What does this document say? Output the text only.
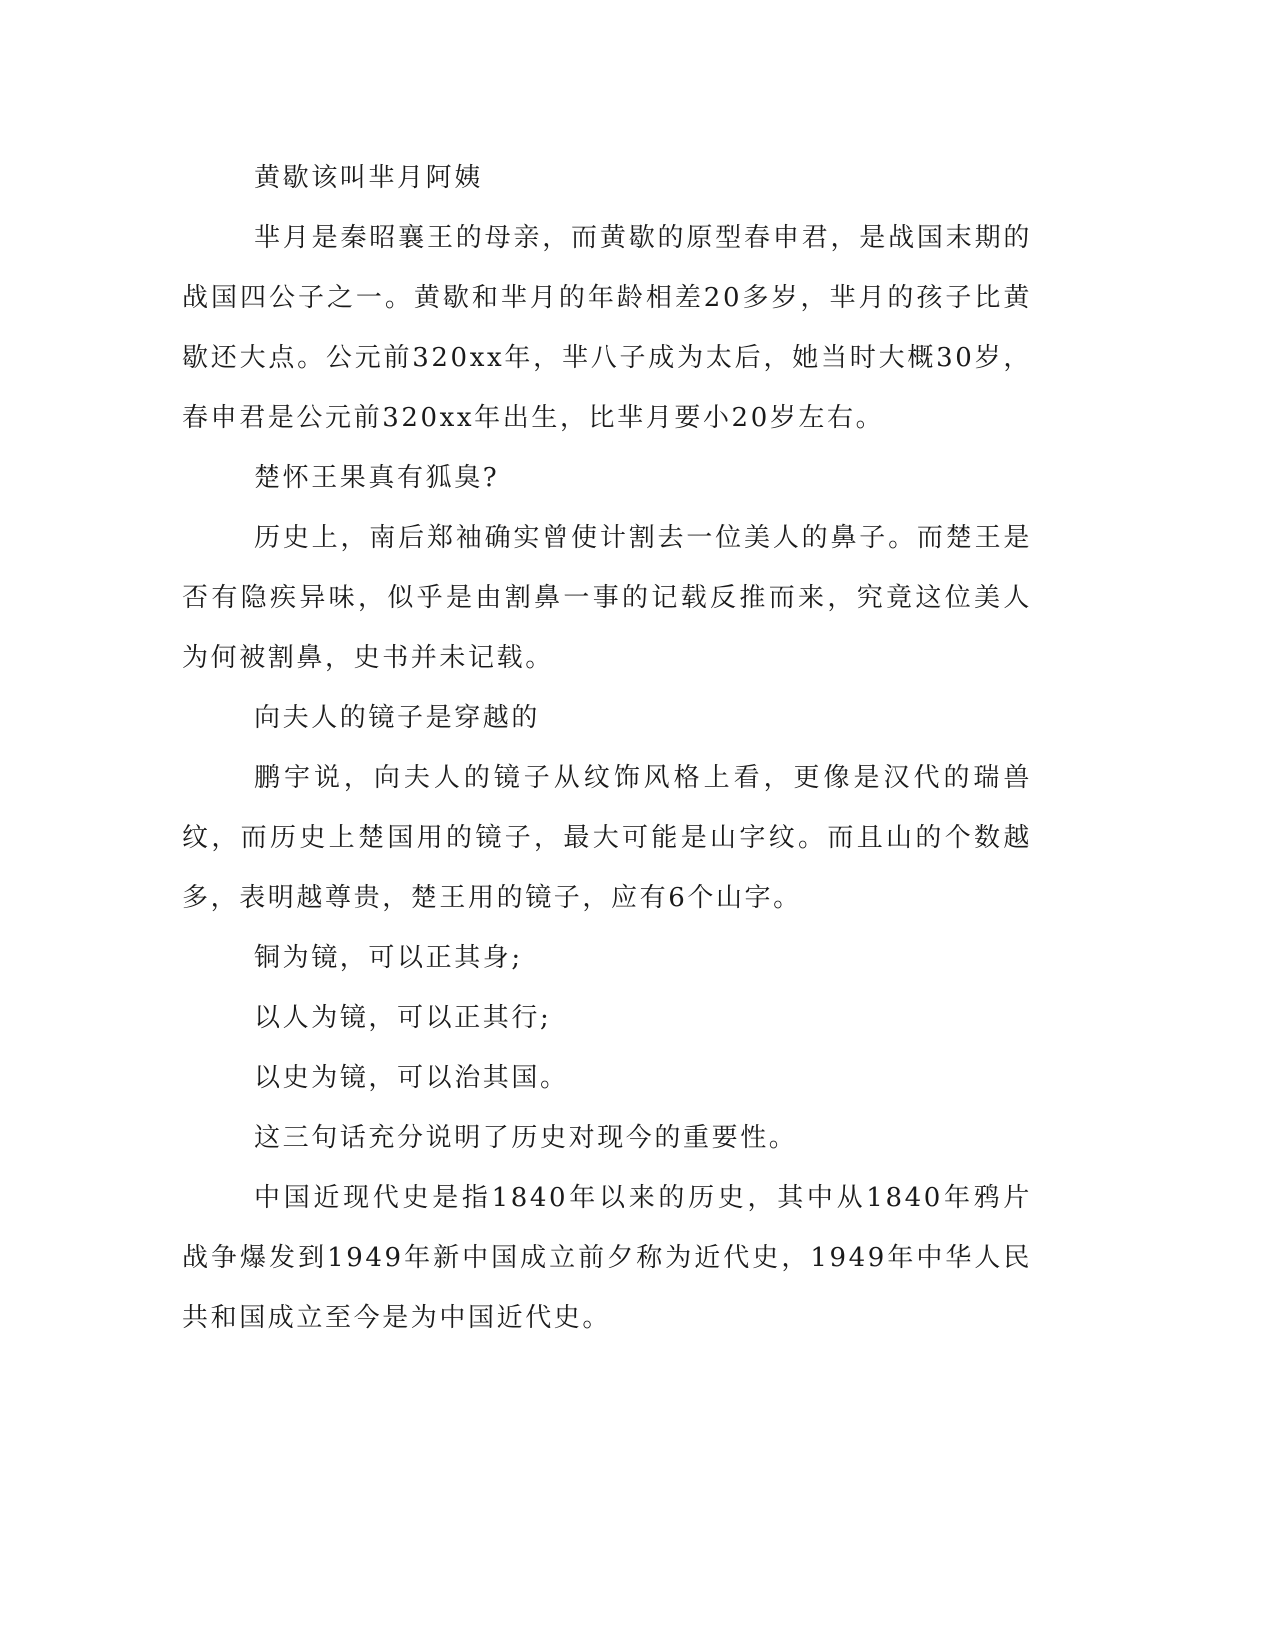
黄歇该叫芈月阿姨

芈月是秦昭襄王的母亲，而黄歇的原型春申君，是战国末期的战国四公子之一。黄歇和芈月的年龄相差20多岁，芈月的孩子比黄歇还大点。公元前320xx年，芈八子成为太后，她当时大概30岁，春申君是公元前320xx年出生，比芈月要小20岁左右。

楚怀王果真有狐臭?

历史上，南后郑袖确实曾使计割去一位美人的鼻子。而楚王是否有隐疾异味，似乎是由割鼻一事的记载反推而来，究竟这位美人为何被割鼻，史书并未记载。

向夫人的镜子是穿越的

鹏宇说，向夫人的镜子从纹饰风格上看，更像是汉代的瑞兽纹，而历史上楚国用的镜子，最大可能是山字纹。而且山的个数越多，表明越尊贵，楚王用的镜子，应有6个山字。

铜为镜，可以正其身;

以人为镜，可以正其行;

以史为镜，可以治其国。

这三句话充分说明了历史对现今的重要性。

中国近现代史是指1840年以来的历史，其中从1840年鸦片战争爆发到1949年新中国成立前夕称为近代史，1949年中华人民共和国成立至今是为中国近代史。
